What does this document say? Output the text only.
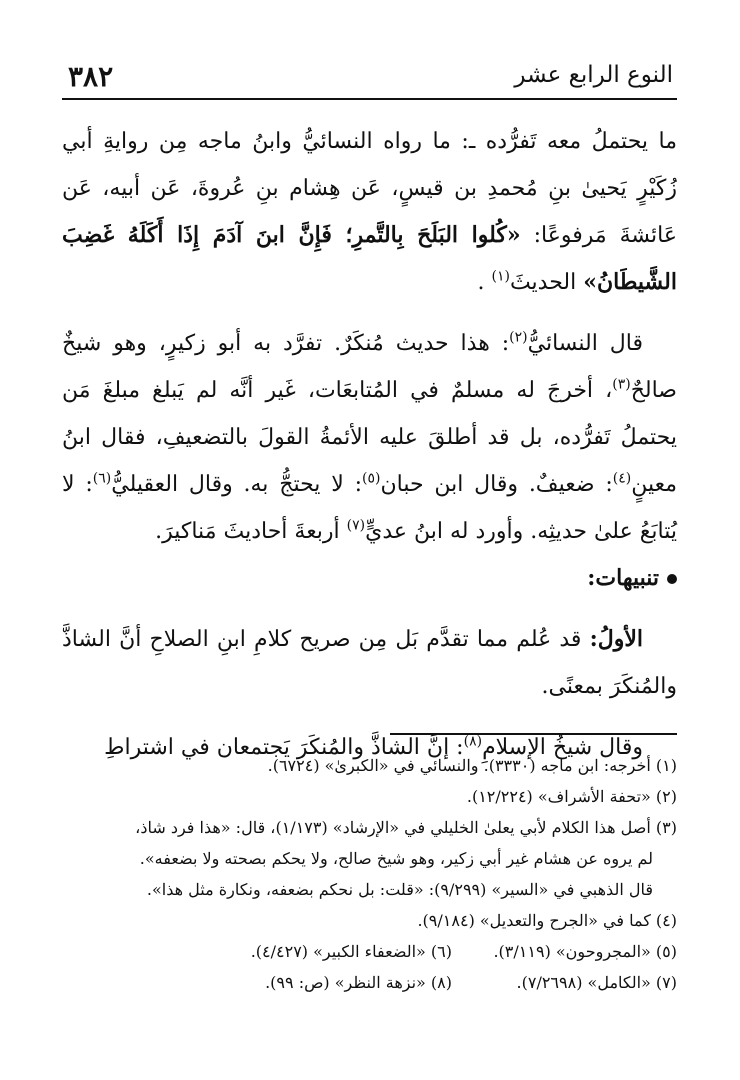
٣٨٢	النوع الرابع عشر

ما يحتملُ معه تَفرُّده ـ: ما رواه النسائيُّ وابنُ ماجه مِن روايةِ أبي زُكَيْرٍ يَحيىٰ بنِ مُحمدِ بن قيسٍ، عَن هِشام بنِ عُروةَ، عَن أبيه، عَن عَائشةَ مَرفوعًا: «كُلوا البَلَحَ بِالتَّمرِ؛ فَإِنَّ ابنَ آدَمَ إِذَا أَكَلَهُ غَضِبَ الشَّيطَانُ» الحديثَ$^{(١)}$ .

قال النسائيُّ$^{(٢)}$: هذا حديث مُنكَرٌ. تفرَّد به أبو زكيرٍ، وهو شيخٌ صالحٌ$^{(٣)}$، أخرجَ له مسلمٌ في المُتابعَات، غَير أنَّه لم يَبلغ مبلغَ مَن يحتملُ تَفرُّده، بل قد أطلقَ عليه الأئمةُ القولَ بالتضعيفِ، فقال ابنُ معينٍ$^{(٤)}$: ضعيفٌ. وقال ابن حبان$^{(٥)}$: لا يحتجُّ به. وقال العقيليُّ$^{(٦)}$: لا يُتابَعُ علىٰ حديثِه. وأورد له ابنُ عديٍّ$^{(٧)}$ أربعةَ أحاديثَ مَناكيرَ.

تنبيهات:

الأولُ: قد عُلم مما تقدَّم بَل مِن صريح كلامِ ابنِ الصلاحِ أنَّ الشاذَّ والمُنكَرَ بمعنًى.

وقال شيخُ الإسلامِ$^{(٨)}$: إنَّ الشاذَّ والمُنكَرَ يَجتمعان في اشتراطِ

(١) أخرجه: ابن ماجه (٣٣٣٠). والنسائي في «الكبرىٰ» (٦٧٢٤).

(٢) «تحفة الأشراف» (١٢/٢٢٤).

(٣) أصل هذا الكلام لأبي يعلىٰ الخليلي في «الإرشاد» (١/١٧٣)، قال: «هذا فرد شاذ،

لم يروه عن هشام غير أبي زكير، وهو شيخ صالح، ولا يحكم بصحته ولا بضعفه».

قال الذهبي في «السير» (٩/٢٩٩): «قلت: بل نحكم بضعفه، ونكارة مثل هذا».

(٤) كما في «الجرح والتعديل» (٩/١٨٤).

(٥) «المجروحون» (٣/١١٩).
(٦) «الضعفاء الكبير» (٤/٤٢٧).
(٧) «الكامل» (٧/٢٦٩٨).
(٨) «نزهة النظر» (ص: ٩٩).
